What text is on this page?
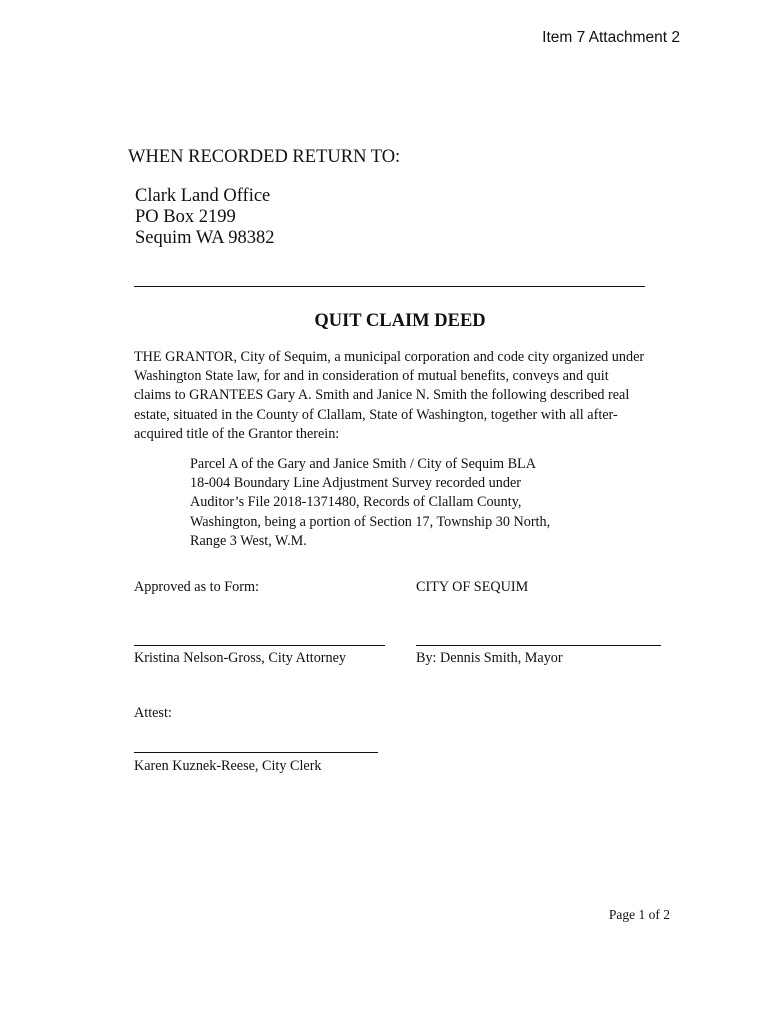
Item 7 Attachment 2
WHEN RECORDED RETURN TO:
Clark Land Office
PO Box 2199
Sequim WA 98382
QUIT CLAIM DEED
THE GRANTOR, City of Sequim, a municipal corporation and code city organized under
Washington State law, for and in consideration of mutual benefits, conveys and quit
claims to GRANTEES Gary A. Smith and Janice N. Smith the following described real
estate, situated in the County of Clallam, State of Washington, together with all after-
acquired title of the Grantor therein:
Parcel A of the Gary and Janice Smith / City of Sequim BLA
18-004 Boundary Line Adjustment Survey recorded under
Auditor’s File 2018-1371480, Records of Clallam County,
Washington, being a portion of Section 17, Township 30 North,
Range 3 West, W.M.
Approved as to Form:	CITY OF SEQUIM
Kristina Nelson-Gross, City Attorney	By: Dennis Smith, Mayor
Attest:
Karen Kuznek-Reese, City Clerk
Page 1 of 2
